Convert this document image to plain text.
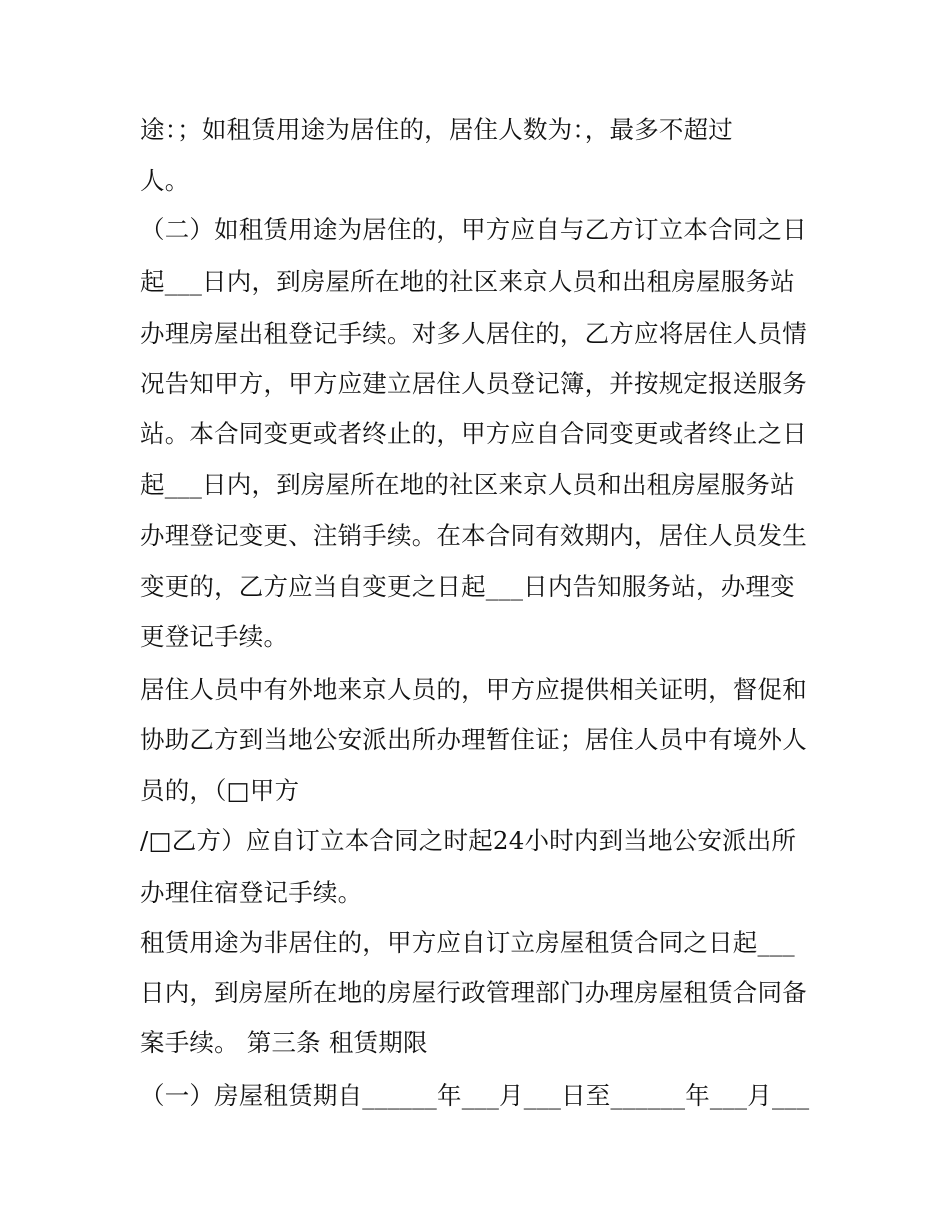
途：；如租赁用途为居住的，居住人数为：，最多不超过
人。
（二）如租赁用途为居住的，甲方应自与乙方订立本合同之日
起___日内，到房屋所在地的社区来京人员和出租房屋服务站
办理房屋出租登记手续。对多人居住的，乙方应将居住人员情
况告知甲方，甲方应建立居住人员登记簿，并按规定报送服务
站。本合同变更或者终止的，甲方应自合同变更或者终止之日
起___日内，到房屋所在地的社区来京人员和出租房屋服务站
办理登记变更、注销手续。在本合同有效期内，居住人员发生
变更的，乙方应当自变更之日起___日内告知服务站，办理变
更登记手续。
居住人员中有外地来京人员的，甲方应提供相关证明，督促和
协助乙方到当地公安派出所办理暂住证；居住人员中有境外人
员的，（□甲方
/□乙方）应自订立本合同之时起24小时内到当地公安派出所
办理住宿登记手续。
租赁用途为非居住的，甲方应自订立房屋租赁合同之日起___
日内，到房屋所在地的房屋行政管理部门办理房屋租赁合同备
案手续。 第三条 租赁期限
（一）房屋租赁期自______年___月___日至______年___月___
